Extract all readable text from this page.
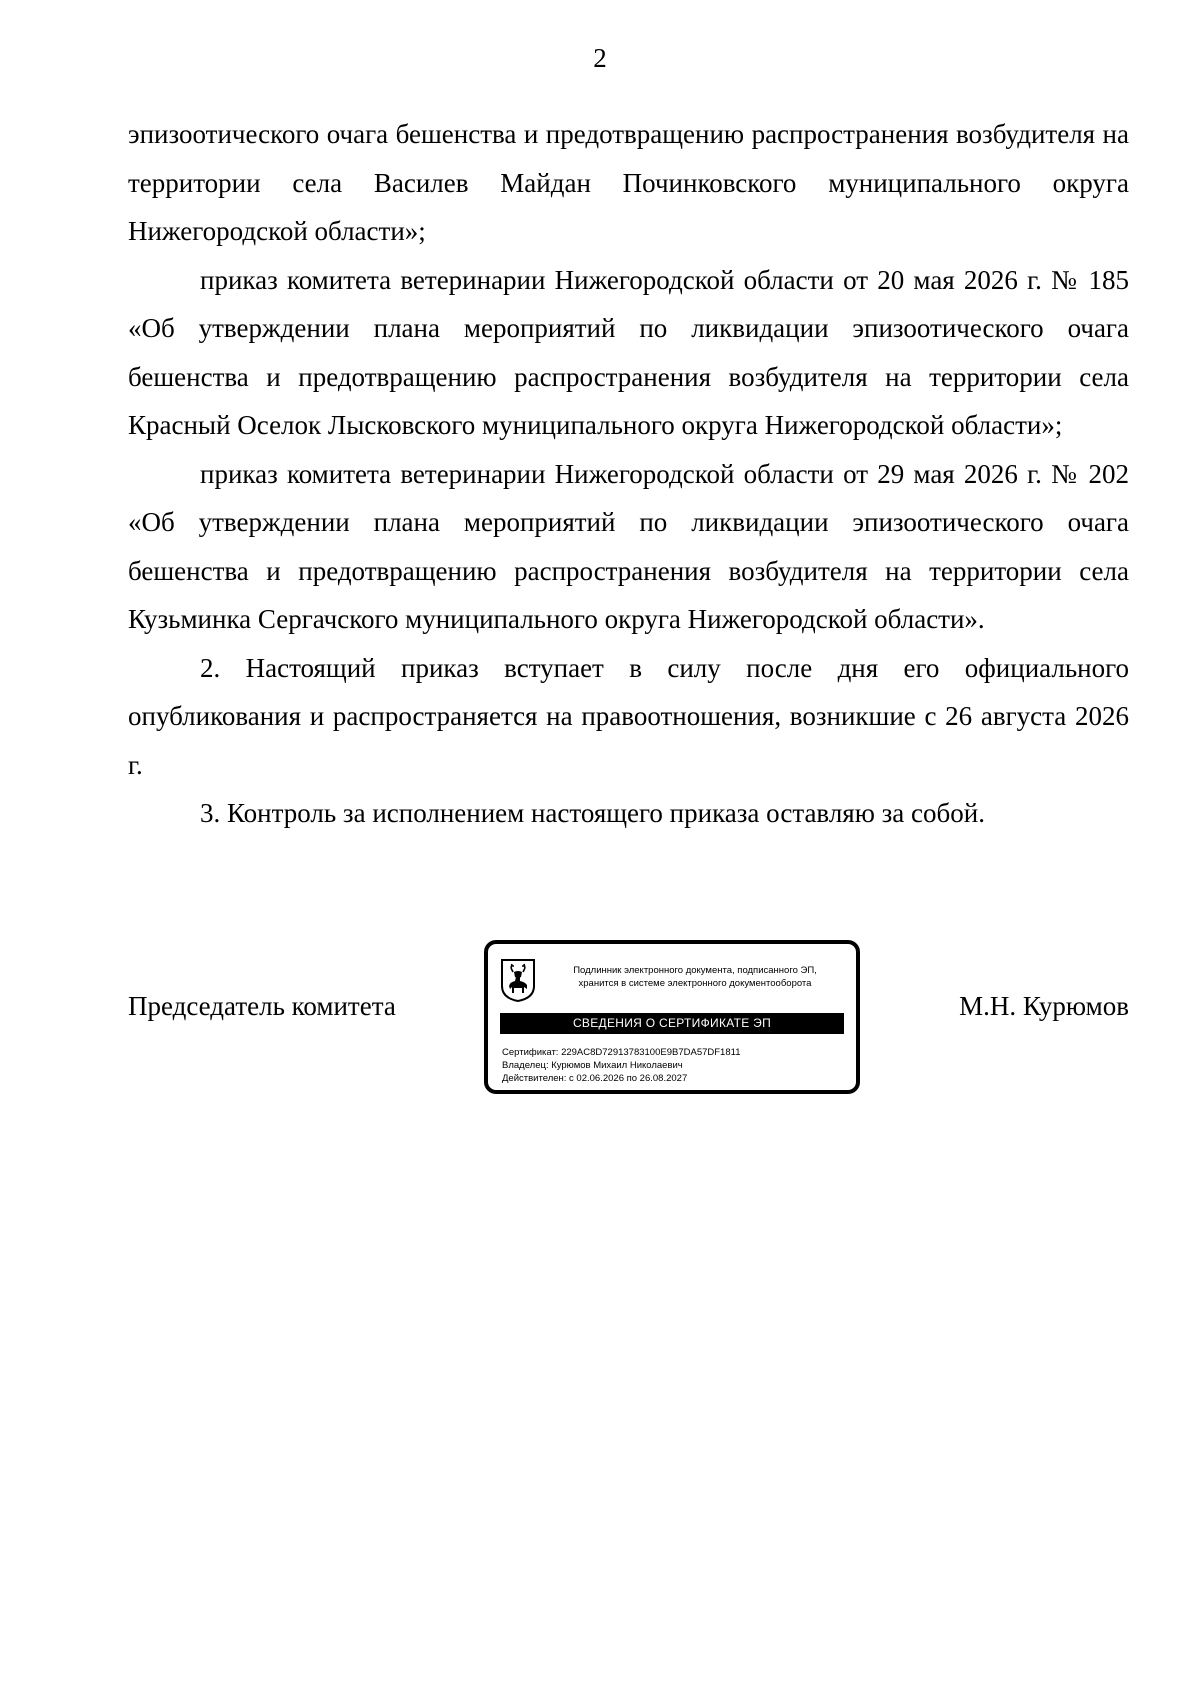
2

эпизоотического очага бешенства и предотвращению распространения возбудителя на территории села Василев Майдан Починковского муниципального округа Нижегородской области»;

приказ комитета ветеринарии Нижегородской области от 20 мая 2026 г. № 185 «Об утверждении плана мероприятий по ликвидации эпизоотического очага бешенства и предотвращению распространения возбудителя на территории села Красный Оселок Лысковского муниципального округа Нижегородской области»;

приказ комитета ветеринарии Нижегородской области от 29 мая 2026 г. № 202 «Об утверждении плана мероприятий по ликвидации эпизоотического очага бешенства и предотвращению распространения возбудителя на территории села Кузьминка Сергачского муниципального округа Нижегородской области».

2. Настоящий приказ вступает в силу после дня его официального опубликования и распространяется на правоотношения, возникшие с 26 августа 2026 г.

3. Контроль за исполнением настоящего приказа оставляю за собой.

Председатель комитета
Подлинник электронного документа, подписанного ЭП,
хранится в системе электронного документооборота
СВЕДЕНИЯ О СЕРТИФИКАТЕ ЭП
Сертификат: 229AC8D72913783100E9B7DA57DF1811
Владелец: Курюмов Михаил Николаевич
Действителен: с 02.06.2026 по 26.08.2027
М.Н. Курюмов
